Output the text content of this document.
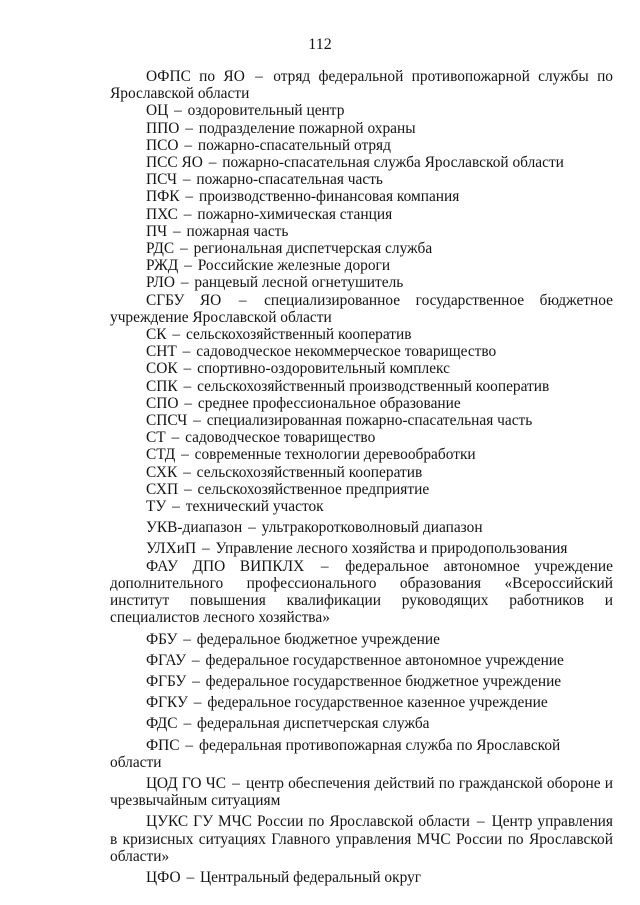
112

ОФПС по ЯО – отряд федеральной противопожарной службы по Ярославской области

ОЦ – оздоровительный центр

ППО – подразделение пожарной охраны

ПСО – пожарно-спасательный отряд

ПСС ЯО – пожарно-спасательная служба Ярославской области

ПСЧ – пожарно-спасательная часть

ПФК – производственно-финансовая компания

ПХС – пожарно-химическая станция

ПЧ – пожарная часть

РДС – региональная диспетчерская служба

РЖД – Российские железные дороги

РЛО – ранцевый лесной огнетушитель

СГБУ ЯО – специализированное государственное бюджетное учреждение Ярославской области

СК – сельскохозяйственный кооператив

СНТ – садоводческое некоммерческое товарищество

СОК – спортивно-оздоровительный комплекс

СПК – сельскохозяйственный производственный кооператив

СПО – среднее профессиональное образование

СПСЧ – специализированная пожарно-спасательная часть

СТ – садоводческое товарищество

СТД – современные технологии деревообработки

СХК – сельскохозяйственный кооператив

СХП – сельскохозяйственное предприятие

ТУ – технический участок

УКВ-диапазон – ультракоротковолновый диапазон

УЛХиП – Управление лесного хозяйства и природопользования

ФАУ ДПО ВИПКЛХ – федеральное автономное учреждение дополнительного профессионального образования «Всероссийский институт повышения квалификации руководящих работников и специалистов лесного хозяйства»

ФБУ – федеральное бюджетное учреждение

ФГАУ – федеральное государственное автономное учреждение

ФГБУ – федеральное государственное бюджетное учреждение

ФГКУ – федеральное государственное казенное учреждение

ФДС – федеральная диспетчерская служба

ФПС – федеральная противопожарная служба по Ярославской области

ЦОД ГО ЧС – центр обеспечения действий по гражданской обороне и чрезвычайным ситуациям

ЦУКС ГУ МЧС России по Ярославской области – Центр управления в кризисных ситуациях Главного управления МЧС России по Ярославской области»

ЦФО – Центральный федеральный округ
